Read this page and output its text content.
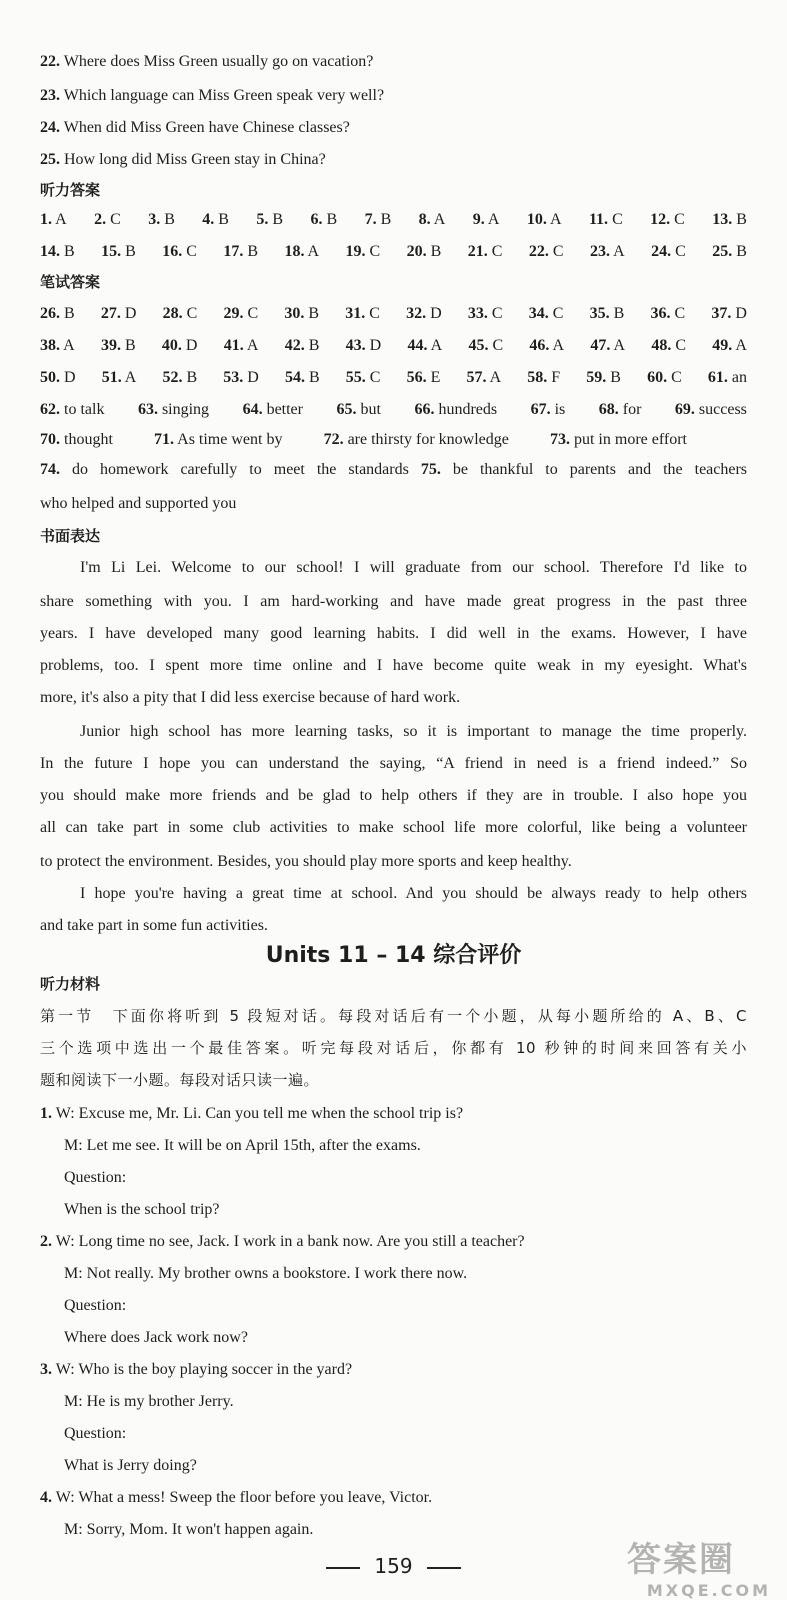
22. Where does Miss Green usually go on vacation?
23. Which language can Miss Green speak very well?
24. When did Miss Green have Chinese classes?
25. How long did Miss Green stay in China?
听力答案
1. A 2. C 3. B 4. B 5. B 6. B 7. B 8. A 9. A 10. A 11. C 12. C 13. B
14. B 15. B 16. C 17. B 18. A 19. C 20. B 21. C 22. C 23. A 24. C 25. B
笔试答案
26. B 27. D 28. C 29. C 30. B 31. C 32. D 33. C 34. C 35. B 36. C 37. D
38. A 39. B 40. D 41. A 42. B 43. D 44. A 45. C 46. A 47. A 48. C 49. A
50. D 51. A 52. B 53. D 54. B 55. C 56. E 57. A 58. F 59. B 60. C 61. an
62. to talk 63. singing 64. better 65. but 66. hundreds 67. is 68. for 69. success
70. thought	71. As time went by	72. are thirsty for knowledge	73. put in more effort
74. do homework carefully to meet the standards 75. be thankful to parents and the teachers
who helped and supported you
书面表达
I'm Li Lei. Welcome to our school! I will graduate from our school. Therefore I'd like to
share something with you. I am hard-working and have made great progress in the past three
years. I have developed many good learning habits. I did well in the exams. However, I have
problems, too. I spent more time online and I have become quite weak in my eyesight. What's
more, it's also a pity that I did less exercise because of hard work.
Junior high school has more learning tasks, so it is important to manage the time properly.
In the future I hope you can understand the saying, “A friend in need is a friend indeed.” So
you should make more friends and be glad to help others if they are in trouble. I also hope you
all can take part in some club activities to make school life more colorful, like being a volunteer
to protect the environment. Besides, you should play more sports and keep healthy.
I hope you're having a great time at school. And you should be always ready to help others
and take part in some fun activities.
Units 11 – 14 综合评价
听力材料
第一节　下面你将听到 5 段短对话。每段对话后有一个小题，从每小题所给的 A、B、C
三个选项中选出一个最佳答案。听完每段对话后，你都有 10 秒钟的时间来回答有关小
题和阅读下一小题。每段对话只读一遍。
1. W: Excuse me, Mr. Li. Can you tell me when the school trip is?
M: Let me see. It will be on April 15th, after the exams.
Question:
When is the school trip?
2. W: Long time no see, Jack. I work in a bank now. Are you still a teacher?
M: Not really. My brother owns a bookstore. I work there now.
Question:
Where does Jack work now?
3. W: Who is the boy playing soccer in the yard?
M: He is my brother Jerry.
Question:
What is Jerry doing?
4. W: What a mess! Sweep the floor before you leave, Victor.
M: Sorry, Mom. It won't happen again.
159	答案圈
MXQE.COM
